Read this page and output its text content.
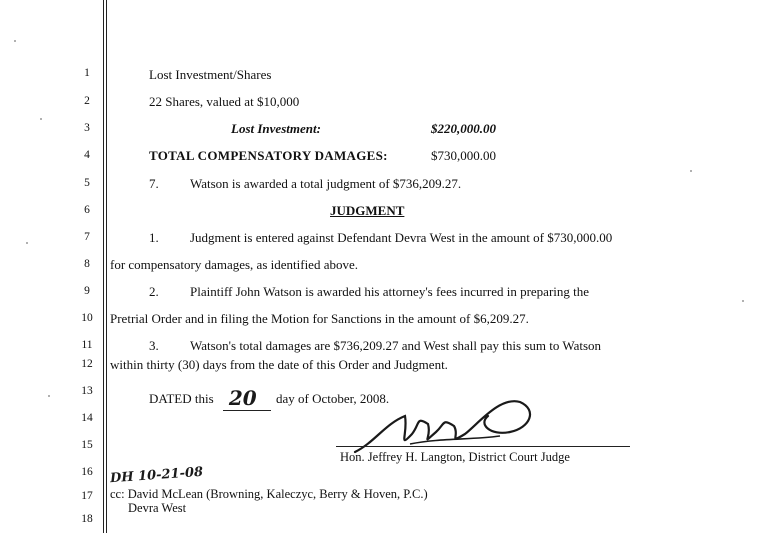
1
2
3
4
5
6
7
8
9
10
11
12
13
14
15
16
17
18
Lost Investment/Shares
22 Shares, valued at $10,000
Lost Investment:	$220,000.00
TOTAL COMPENSATORY DAMAGES:	$730,000.00
7. Watson is awarded a total judgment of $736,209.27.
JUDGMENT
1. Judgment is entered against Defendant Devra West in the amount of $730,000.00
for compensatory damages, as identified above.
2. Plaintiff John Watson is awarded his attorney's fees incurred in preparing the
Pretrial Order and in filing the Motion for Sanctions in the amount of $6,209.27.
3. Watson's total damages are $736,209.27 and West shall pay this sum to Watson
within thirty (30) days from the date of this Order and Judgment.
DATED this 20 day of October, 2008.
Hon. Jeffrey H. Langton, District Court Judge
DH 10-21-08
cc: David McLean (Browning, Kaleczyc, Berry & Hoven, P.C.)
Devra West
